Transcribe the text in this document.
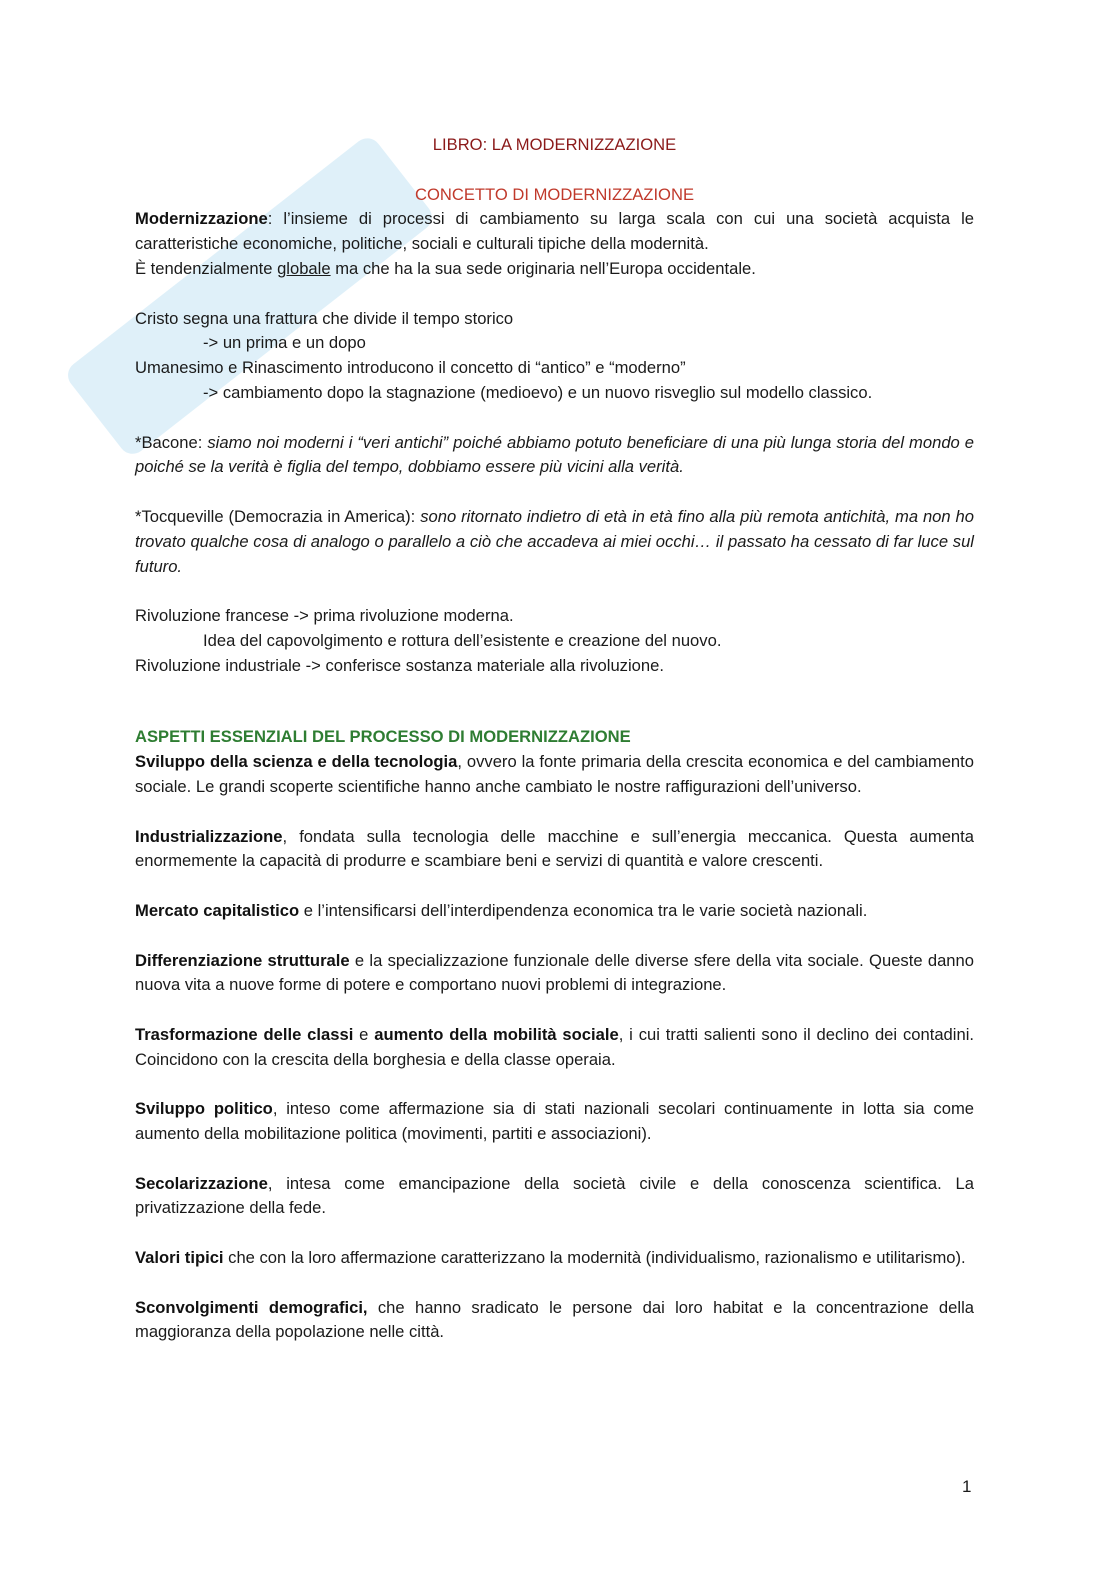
LIBRO: LA MODERNIZZAZIONE

CONCETTO DI MODERNIZZAZIONE

Modernizzazione: l’insieme di processi di cambiamento su larga scala con cui una società acquista le caratteristiche economiche, politiche, sociali e culturali tipiche della modernità.

È tendenzialmente globale ma che ha la sua sede originaria nell’Europa occidentale.

Cristo segna una frattura che divide il tempo storico

-> un prima e un dopo

Umanesimo e Rinascimento introducono il concetto di “antico” e “moderno”

-> cambiamento dopo la stagnazione (medioevo) e un nuovo risveglio sul modello classico.

*Bacone: siamo noi moderni i “veri antichi” poiché abbiamo potuto beneficiare di una più lunga storia del mondo e poiché se la verità è figlia del tempo, dobbiamo essere più vicini alla verità.

*Tocqueville (Democrazia in America): sono ritornato indietro di età in età fino alla più remota antichità, ma non ho trovato qualche cosa di analogo o parallelo a ciò che accadeva ai miei occhi… il passato ha cessato di far luce sul futuro.

Rivoluzione francese -> prima rivoluzione moderna.

Idea del capovolgimento e rottura dell’esistente e creazione del nuovo.

Rivoluzione industriale -> conferisce sostanza materiale alla rivoluzione.

ASPETTI ESSENZIALI DEL PROCESSO DI MODERNIZZAZIONE

Sviluppo della scienza e della tecnologia, ovvero la fonte primaria della crescita economica e del cambiamento sociale. Le grandi scoperte scientifiche hanno anche cambiato le nostre raffigurazioni dell’universo.

Industrializzazione, fondata sulla tecnologia delle macchine e sull’energia meccanica. Questa aumenta enormemente la capacità di produrre e scambiare beni e servizi di quantità e valore crescenti.

Mercato capitalistico e l’intensificarsi dell’interdipendenza economica tra le varie società nazionali.

Differenziazione strutturale e la specializzazione funzionale delle diverse sfere della vita sociale. Queste danno nuova vita a nuove forme di potere e comportano nuovi problemi di integrazione.

Trasformazione delle classi e aumento della mobilità sociale, i cui tratti salienti sono il declino dei contadini. Coincidono con la crescita della borghesia e della classe operaia.

Sviluppo politico, inteso come affermazione sia di stati nazionali secolari continuamente in lotta sia come aumento della mobilitazione politica (movimenti, partiti e associazioni).

Secolarizzazione, intesa come emancipazione della società civile e della conoscenza scientifica. La privatizzazione della fede.

Valori tipici che con la loro affermazione caratterizzano la modernità (individualismo, razionalismo e utilitarismo).

Sconvolgimenti demografici, che hanno sradicato le persone dai loro habitat e la concentrazione della maggioranza della popolazione nelle città.

1
